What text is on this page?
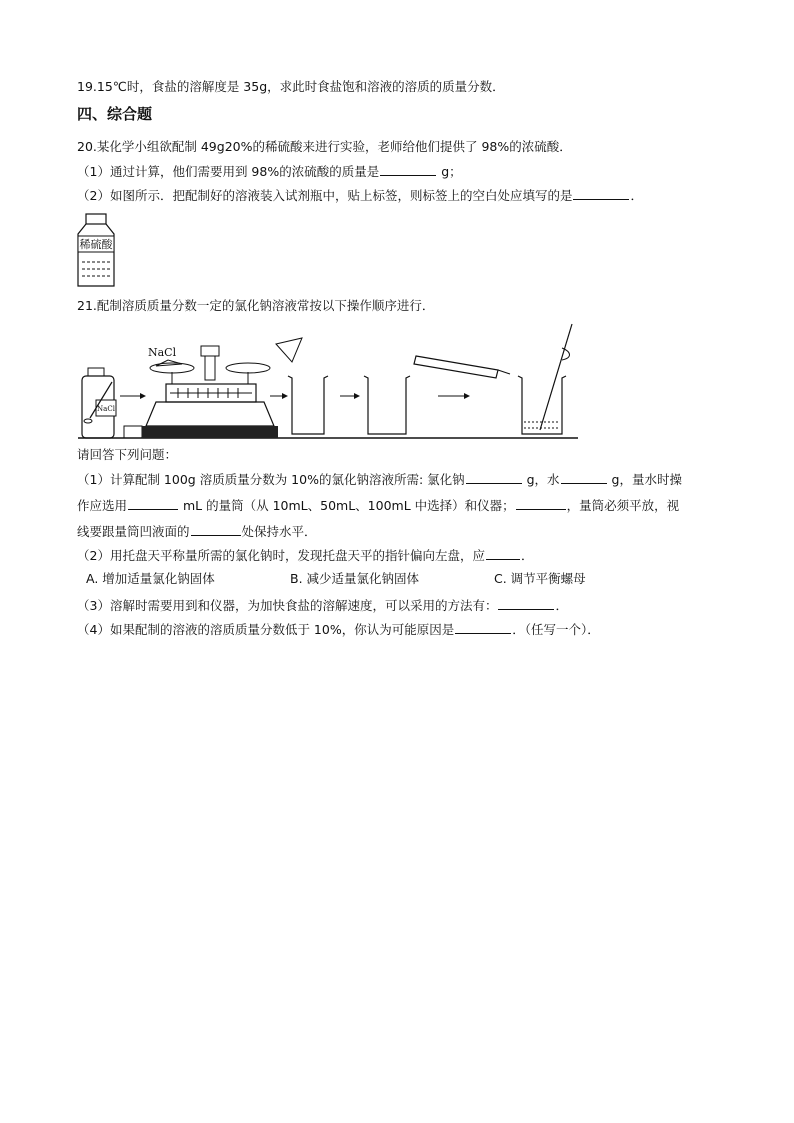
19.15℃时，食盐的溶解度是 35g，求此时食盐饱和溶液的溶质的质量分数．
四、综合题
20.某化学小组欲配制 49g20%的稀硫酸来进行实验，老师给他们提供了 98%的浓硫酸．
（1）通过计算，他们需要用到 98%的浓硫酸的质量是	g；
（2）如图所示．把配制好的溶液装入试剂瓶中，贴上标签，则标签上的空白处应填写的是	．
稀硫酸
21.配制溶质质量分数一定的氯化钠溶液常按以下操作顺序进行．
NaCl
NaCl
请回答下列问题：
（1）计算配制 100g 溶质质量分数为 10%的氯化钠溶液所需: 氯化钠	g，水	g，量水时操
作应选用	mL 的量筒（从 10mL、50mL、100mL 中选择）和仪器；	，量筒必须平放，视
线要跟量筒凹液面的	处保持水平．
（2）用托盘天平称量所需的氯化钠时，发现托盘天平的指针偏向左盘，应	．
A. 增加适量氯化钠固体	B. 减少适量氯化钠固体	C. 调节平衡螺母
（3）溶解时需要用到和仪器，为加快食盐的溶解速度，可以采用的方法有：	．
（4）如果配制的溶液的溶质质量分数低于 10%，你认为可能原因是	．（任写一个）．
